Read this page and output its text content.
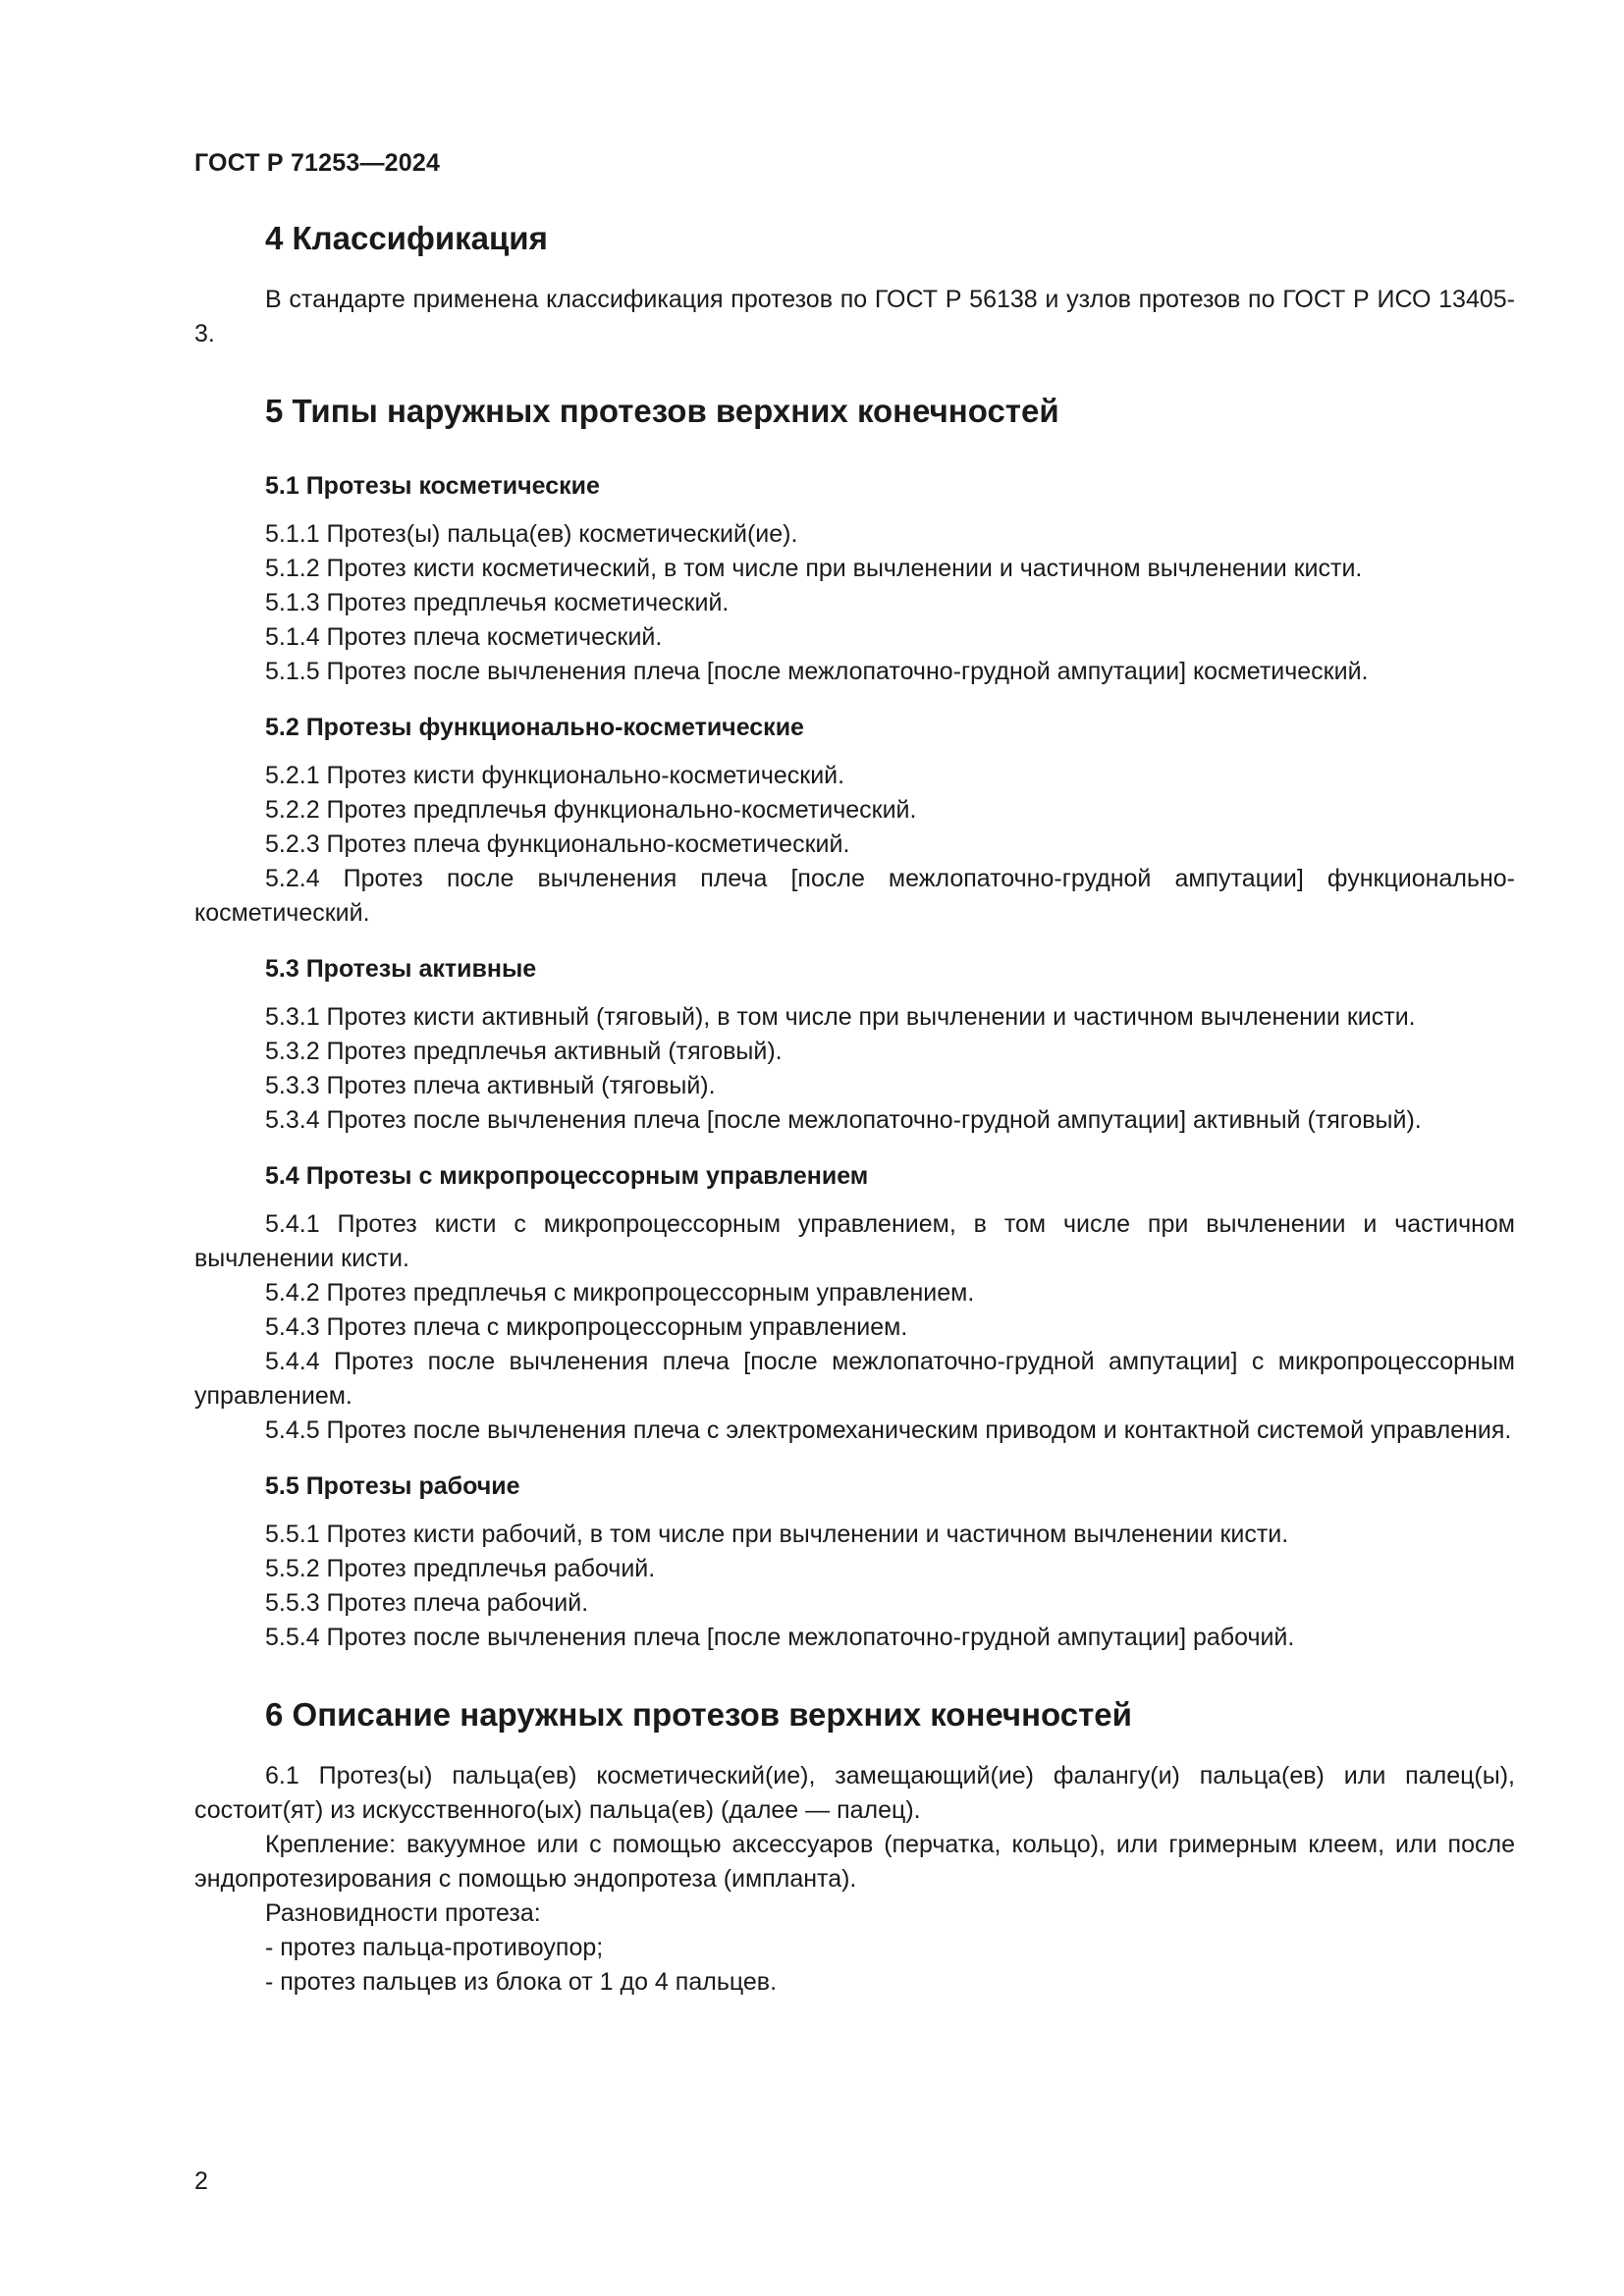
ГОСТ Р 71253—2024
4 Классификация

В стандарте применена классификация протезов по ГОСТ Р 56138 и узлов протезов по ГОСТ Р ИСО 13405-3.

5 Типы наружных протезов верхних конечностей
5.1 Протезы косметические

5.1.1 Протез(ы) пальца(ев) косметический(ие).

5.1.2 Протез кисти косметический, в том числе при вычленении и частичном вычленении кисти.

5.1.3 Протез предплечья косметический.

5.1.4 Протез плеча косметический.

5.1.5 Протез после вычленения плеча [после межлопаточно-грудной ампутации] косметический.

5.2 Протезы функционально-косметические

5.2.1 Протез кисти функционально-косметический.

5.2.2 Протез предплечья функционально-косметический.

5.2.3 Протез плеча функционально-косметический.

5.2.4 Протез после вычленения плеча [после межлопаточно-грудной ампутации] функционально-косметический.

5.3 Протезы активные

5.3.1 Протез кисти активный (тяговый), в том числе при вычленении и частичном вычленении кисти.

5.3.2 Протез предплечья активный (тяговый).

5.3.3 Протез плеча активный (тяговый).

5.3.4 Протез после вычленения плеча [после межлопаточно-грудной ампутации] активный (тяговый).

5.4 Протезы с микропроцессорным управлением

5.4.1 Протез кисти с микропроцессорным управлением, в том числе при вычленении и частичном вычленении кисти.

5.4.2 Протез предплечья с микропроцессорным управлением.

5.4.3 Протез плеча с микропроцессорным управлением.

5.4.4 Протез после вычленения плеча [после межлопаточно-грудной ампутации] с микропроцессорным управлением.

5.4.5 Протез после вычленения плеча с электромеханическим приводом и контактной системой управления.

5.5 Протезы рабочие

5.5.1 Протез кисти рабочий, в том числе при вычленении и частичном вычленении кисти.

5.5.2 Протез предплечья рабочий.

5.5.3 Протез плеча рабочий.

5.5.4 Протез после вычленения плеча [после межлопаточно-грудной ампутации] рабочий.

6 Описание наружных протезов верхних конечностей

6.1 Протез(ы) пальца(ев) косметический(ие), замещающий(ие) фалангу(и) пальца(ев) или палец(ы), состоит(ят) из искусственного(ых) пальца(ев) (далее — палец).

Крепление: вакуумное или с помощью аксессуаров (перчатка, кольцо), или гримерным клеем, или после эндопротезирования с помощью эндопротеза (импланта).

Разновидности протеза:

- протез пальца-противоупор;

- протез пальцев из блока от 1 до 4 пальцев.

2
